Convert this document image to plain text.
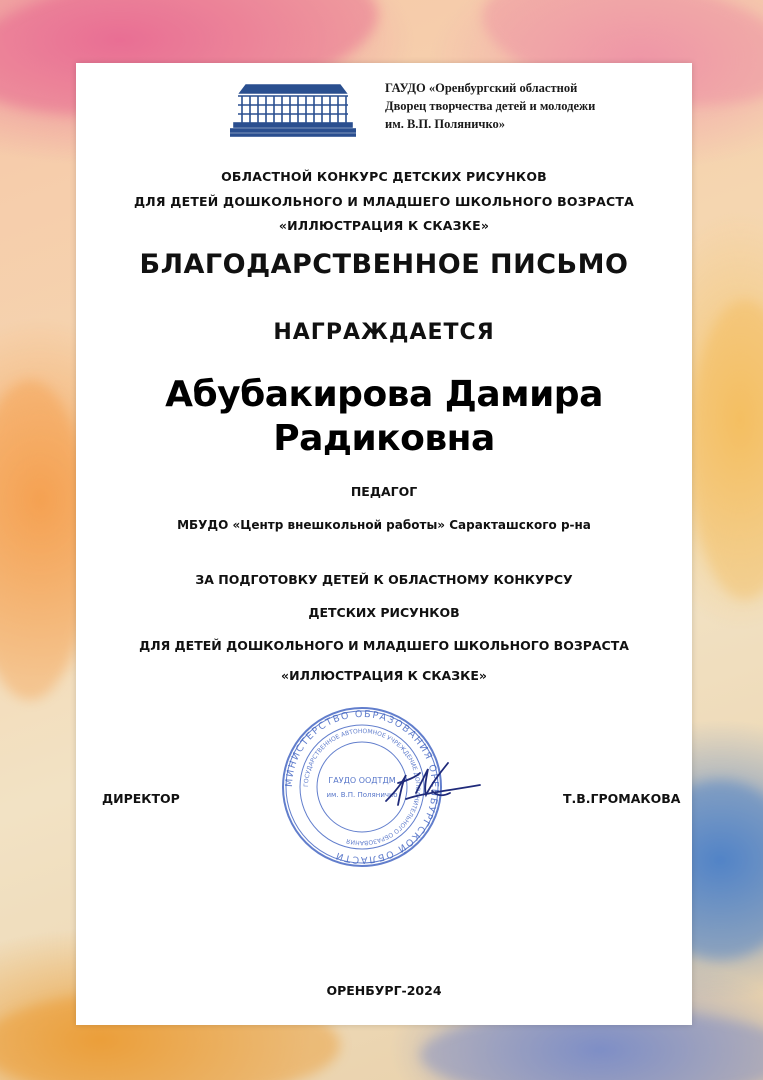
ГАУДО «Оренбургский областной
Дворец творчества детей и молодежи
им. В.П. Поляничко»
ОБЛАСТНОЙ КОНКУРС ДЕТСКИХ РИСУНКОВ
ДЛЯ ДЕТЕЙ ДОШКОЛЬНОГО И МЛАДШЕГО ШКОЛЬНОГО ВОЗРАСТА
«ИЛЛЮСТРАЦИЯ К СКАЗКЕ»
БЛАГОДАРСТВЕННОЕ ПИСЬМО
НАГРАЖДАЕТСЯ
Абубакирова Дамира
Радиковна
ПЕДАГОГ
МБУДО «Центр внешкольной работы» Саракташского р-на
ЗА ПОДГОТОВКУ ДЕТЕЙ К ОБЛАСТНОМУ КОНКУРСУ
ДЕТСКИХ РИСУНКОВ
ДЛЯ ДЕТЕЙ ДОШКОЛЬНОГО И МЛАДШЕГО ШКОЛЬНОГО ВОЗРАСТА
«ИЛЛЮСТРАЦИЯ К СКАЗКЕ»
ДИРЕКТОР	Т.В.ГРОМАКОВА
МИНИСТЕРСТВО ОБРАЗОВАНИЯ ОРЕНБУРГСКОЙ ОБЛАСТИ
ГОСУДАРСТВЕННОЕ АВТОНОМНОЕ УЧРЕЖДЕНИЕ ДОПОЛНИТЕЛЬНОГО ОБРАЗОВАНИЯ
ГАУДО ООДТДМ
им. В.П. Поляничко
ОРЕНБУРГ-2024
